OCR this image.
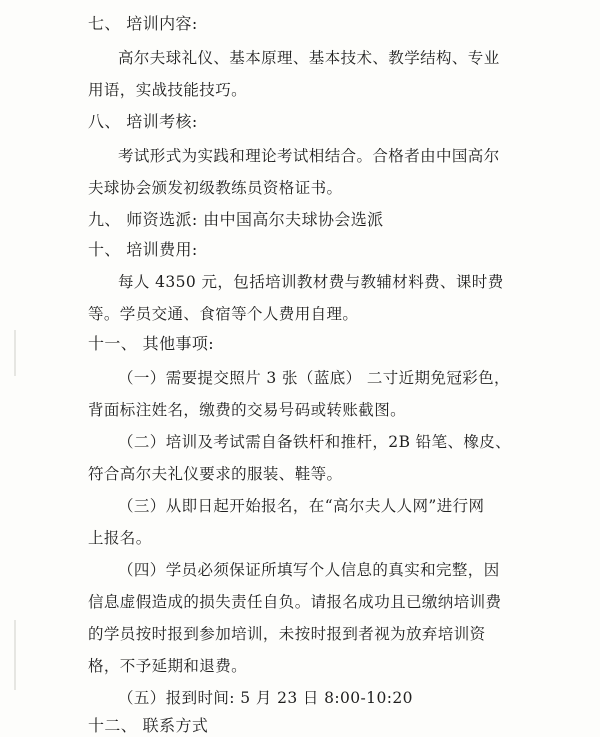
七、 培训内容:
高尔夫球礼仪、基本原理、基本技术、教学结构、专业
用语，实战技能技巧。
八、 培训考核:
考试形式为实践和理论考试相结合。合格者由中国高尔
夫球协会颁发初级教练员资格证书。
九、 师资选派: 由中国高尔夫球协会选派
十、 培训费用:
每人 4350 元，包括培训教材费与教辅材料费、课时费
等。学员交通、食宿等个人费用自理。
十一、 其他事项:
（一）需要提交照片 3 张（蓝底） 二寸近期免冠彩色，
背面标注姓名，缴费的交易号码或转账截图。
（二）培训及考试需自备铁杆和推杆，2B 铅笔、橡皮、
符合高尔夫礼仪要求的服装、鞋等。
（三）从即日起开始报名，在“高尔夫人人网”进行网
上报名。
（四）学员必须保证所填写个人信息的真实和完整，因
信息虚假造成的损失责任自负。请报名成功且已缴纳培训费
的学员按时报到参加培训，未按时报到者视为放弃培训资
格，不予延期和退费。
（五）报到时间: 5 月 23 日 8:00-10:20
十二、 联系方式
